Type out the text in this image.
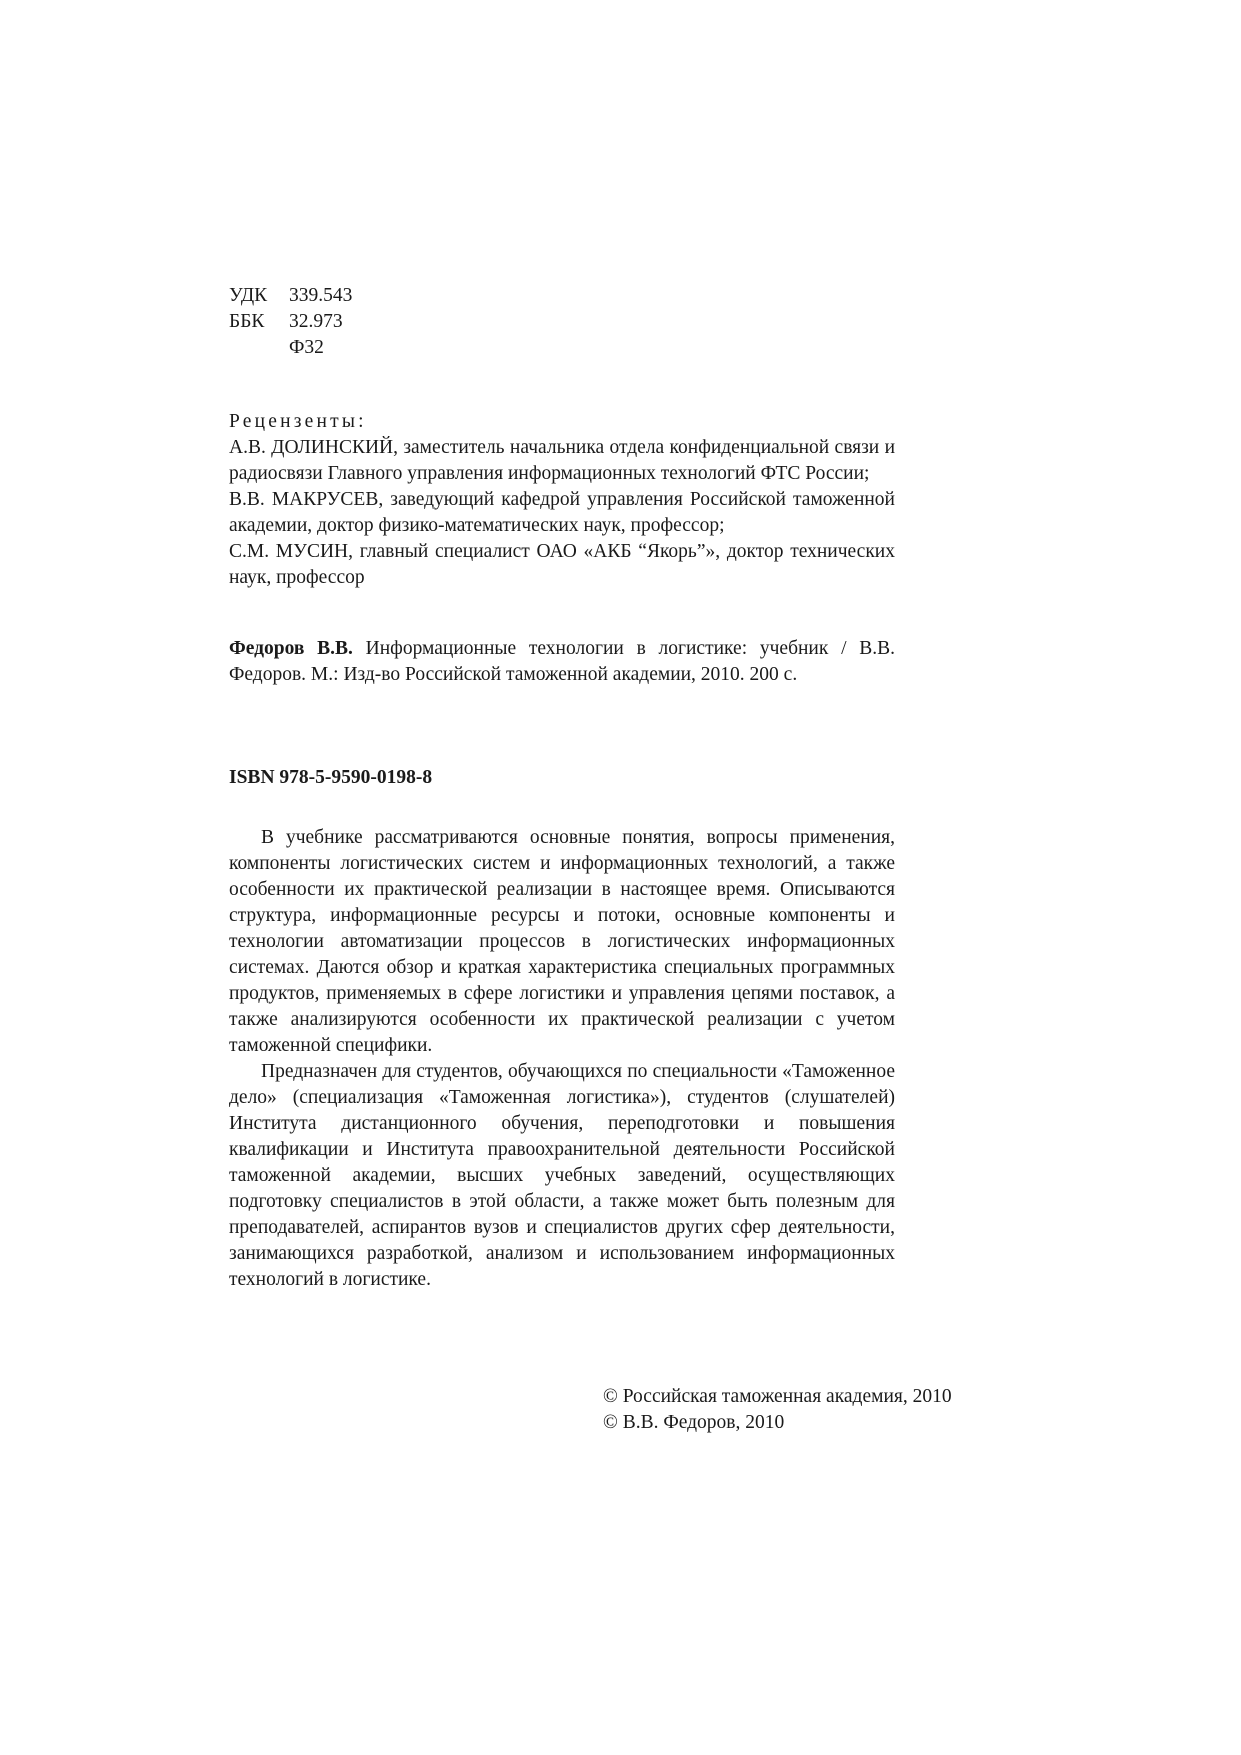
УДК	339.543
ББК	32.973
Ф32
Рецензенты:
А.В. ДОЛИНСКИЙ, заместитель начальника отдела конфиденциальной связи и радиосвязи Главного управления информационных технологий ФТС России;
В.В. МАКРУСЕВ, заведующий кафедрой управления Российской таможенной академии, доктор физико-математических наук, профессор;
С.М. МУСИН, главный специалист ОАО «АКБ “Якорь”», доктор технических наук, профессор
Федоров В.В. Информационные технологии в логистике: учебник / В.В. Федоров. М.: Изд-во Российской таможенной академии, 2010. 200 с.
ISBN 978-5-9590-0198-8

В учебнике рассматриваются основные понятия, вопросы применения, компоненты логистических систем и информационных технологий, а также особенности их практической реализации в настоящее время. Описываются структура, информационные ресурсы и потоки, основные компоненты и технологии автоматизации процессов в логистических информационных системах. Даются обзор и краткая характеристика специальных программных продуктов, применяемых в сфере логистики и управления цепями поставок, а также анализируются особенности их практической реализации с учетом таможенной специфики.

Предназначен для студентов, обучающихся по специальности «Таможенное дело» (специализация «Таможенная логистика»), студентов (слушателей) Института дистанционного обучения, переподготовки и повышения квалификации и Института правоохранительной деятельности Российской таможенной академии, высших учебных заведений, осуществляющих подготовку специалистов в этой области, а также может быть полезным для преподавателей, аспирантов вузов и специалистов других сфер деятельности, занимающихся разработкой, анализом и использованием информационных технологий в логистике.

© Российская таможенная академия, 2010
© В.В. Федоров, 2010
